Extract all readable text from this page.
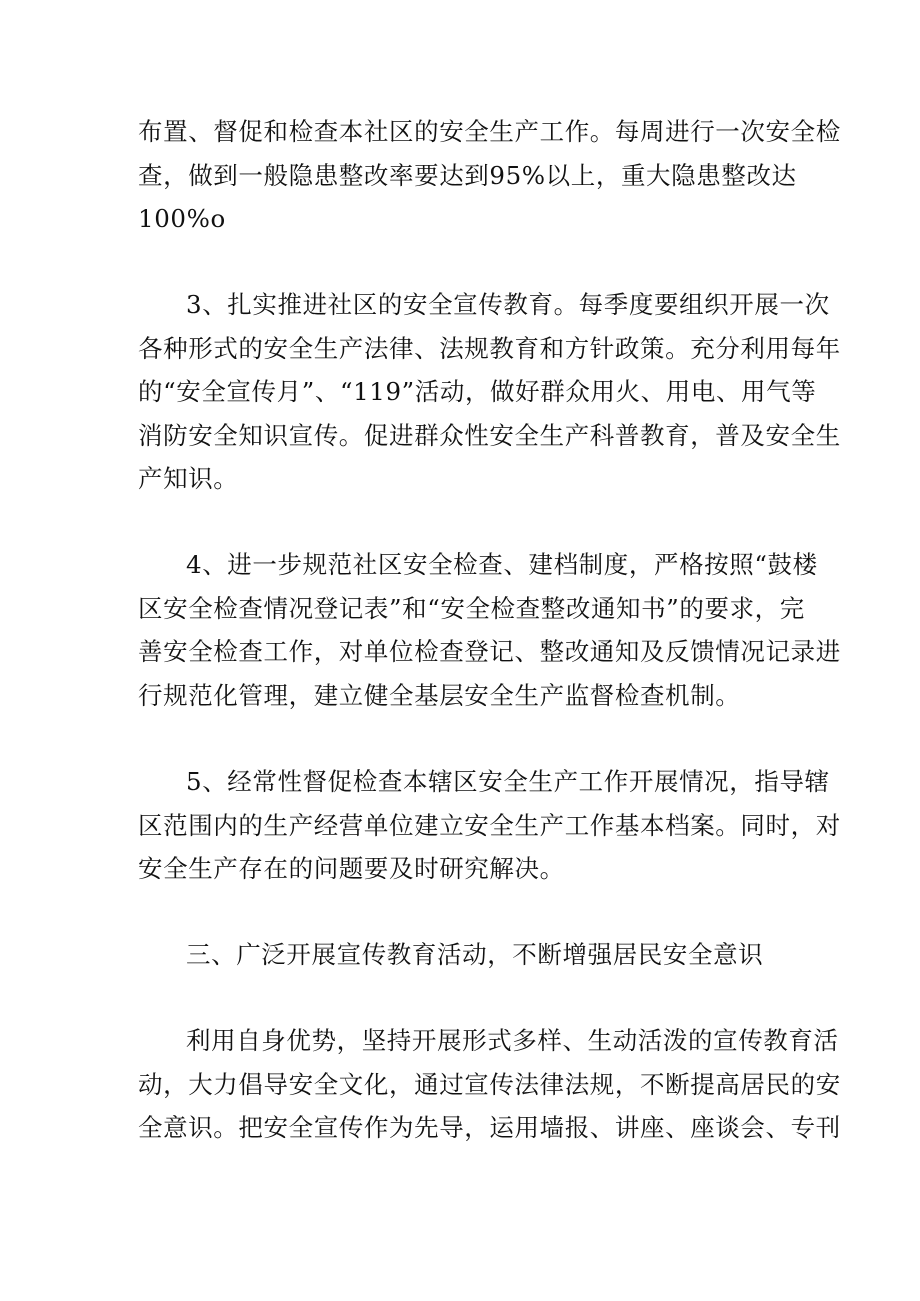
布置、督促和检查本社区的安全生产工作。每周进行一次安全检
查，做到一般隐患整改率要达到95%以上，重大隐患整改达
100%o
3、扎实推进社区的安全宣传教育。每季度要组织开展一次
各种形式的安全生产法律、法规教育和方针政策。充分利用每年
的“安全宣传月”、“119”活动，做好群众用火、用电、用气等
消防安全知识宣传。促进群众性安全生产科普教育，普及安全生
产知识。
4、进一步规范社区安全检查、建档制度，严格按照“鼓楼
区安全检查情况登记表”和“安全检查整改通知书”的要求，完
善安全检查工作，对单位检查登记、整改通知及反馈情况记录进
行规范化管理，建立健全基层安全生产监督检查机制。
5、经常性督促检查本辖区安全生产工作开展情况，指导辖
区范围内的生产经营单位建立安全生产工作基本档案。同时，对
安全生产存在的问题要及时研究解决。
三、广泛开展宣传教育活动，不断增强居民安全意识
利用自身优势，坚持开展形式多样、生动活泼的宣传教育活
动，大力倡导安全文化，通过宣传法律法规，不断提高居民的安
全意识。把安全宣传作为先导，运用墙报、讲座、座谈会、专刊
